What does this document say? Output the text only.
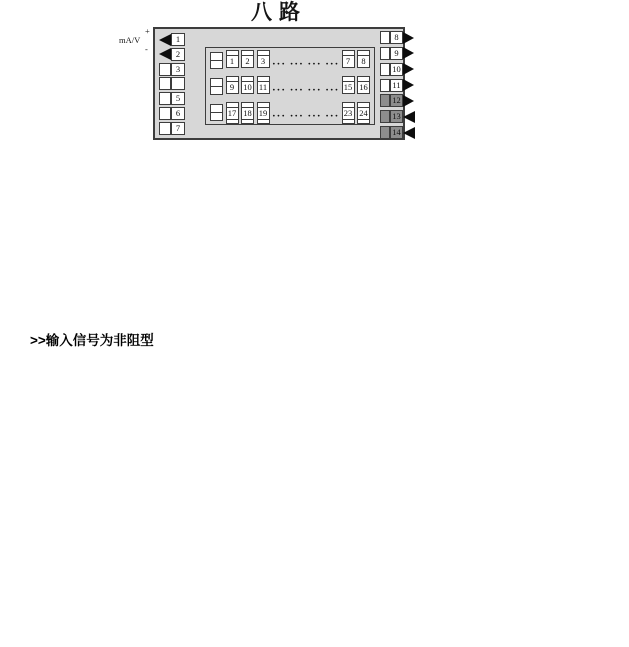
>>输入信号为非阻型
八路
1
2
3
5
6
7
+
-
mA/V
1	2	3 ··· ··· ··· ··· 7	8
9	10 11 ··· ··· ··· ··· 15 16
17 18 19 ··· ··· ··· ··· 23 24
8
9
10
11
12
13
14
